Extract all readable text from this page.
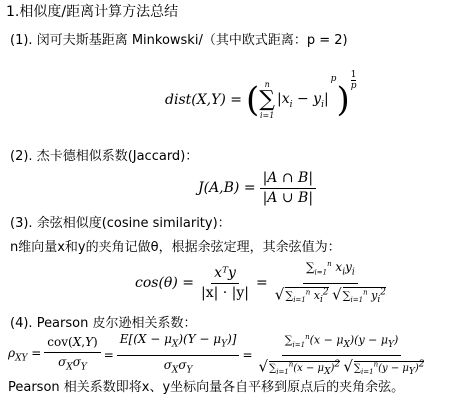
1.相似度/距离计算方法总结
(1). 闵可夫斯基距离 Minkowski/（其中欧式距离：p = 2)
dist(X,Y) = ( n
∑
i=1
$|x_i - y_i|$
p
)
1
p
(2). 杰卡德相似系数(Jaccard)：
$J(A,B) = \frac{|A \cap B|}{|A \cup B|}$
(3). 余弦相似度(cosine similarity)：
n维向量x和y的夹角记做θ，根据余弦定理，其余弦值为：
$\cos(\theta) = \frac{\text{xᵀy}}{|x| \cdot |y|} = \frac{\sum_{i=1}^n x_iy_i}{√\sum_{i=1}^n x_i^2 √\sum_{i=1}^n y_i^2}$
(4). Pearson 皮尔逊相关系数：
$\rho_{XY} = \frac{\text{cov(X,Y)}}{\sigma_X\sigma_Y} = \frac{E[(X - \mu_X)(Y - \mu_Y)]}{\sigma_X\sigma_Y} = \frac{\sum_{i=1}^n(x - \mu_X)(y - \mu_Y)}{√\sum_{i=1}^n(x - \mu_X)^2 √\sum_{i=1}^n(y - \mu_Y)^2}$
Pearson 相关系数即将x、y坐标向量各自平移到原点后的夹角余弦。
